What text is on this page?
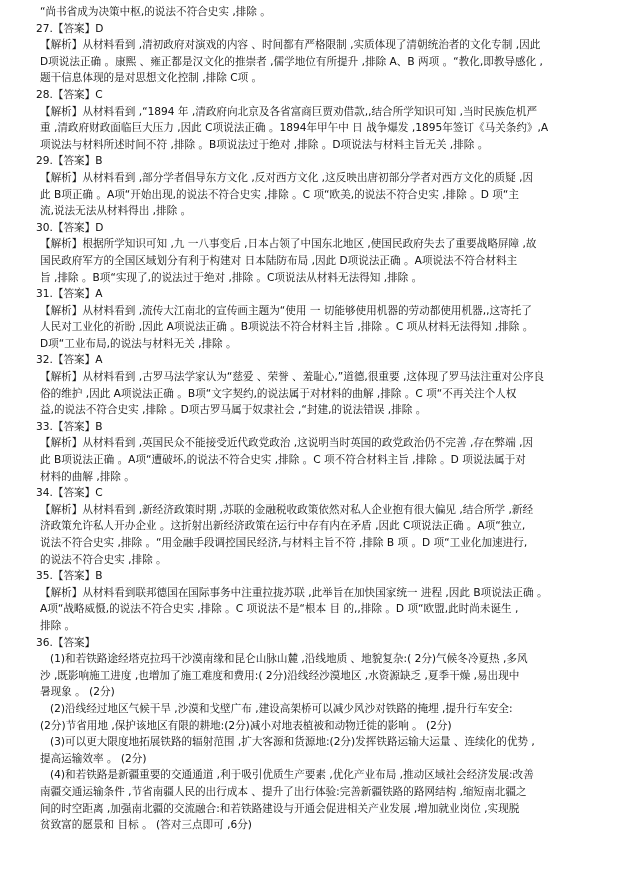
“尚书省成为决策中枢,的说法不符合史实 ,排除 。
27.【答案】D
【解析】从材料看到 ,清初政府对演戏的内容 、时间都有严格限制 ,实质体现了清朝统治者的文化专制 ,因此
D项说法正确 。康熙 、雍正都是汉文化的推崇者 ,儒学地位有所提升 ,排除 A、B 两项 。“教化,即教导感化 ,
题干信息体现的是对思想文化控制 ,排除 C项 。
28.【答案】C
【解析】从材料看到 ,“1894 年 ,清政府向北京及各省富商巨贾劝借款,,结合所学知识可知 ,当时民族危机严
重 ,清政府财政面临巨大压力 ,因此 C项说法正确 。1894年甲午中 日 战争爆发 ,1895年签订《马关条约》,A
项说法与材料所述时间不符 ,排除 。B项说法过于绝对 ,排除 。D项说法与材料主旨无关 ,排除 。
29.【答案】B
【解析】从材料看到 ,部分学者倡导东方文化 ,反对西方文化 ,这反映出唐初部分学者对西方文化的质疑 ,因
此 B项正确 。A项“开始出现,的说法不符合史实 ,排除 。C 项“欧美,的说法不符合史实 ,排除 。D 项“主
流,说法无法从材料得出 ,排除 。
30.【答案】D
【解析】根据所学知识可知 ,九 一八事变后 ,日本占领了中国东北地区 ,使国民政府失去了重要战略屏障 ,故
国民政府军方的全国区域划分有利于构建对 日本陆防布局 ,因此 D项说法正确 。A项说法不符合材料主
旨 ,排除 。B项“实现了,的说法过于绝对 ,排除 。C项说法从材料无法得知 ,排除 。
31.【答案】A
【解析】从材料看到 ,流传大江南北的宣传画主题为“使用 一 切能够使用机器的劳动都使用机器,,这寄托了
人民对工业化的祈盼 ,因此 A项说法正确 。B项说法不符合材料主旨 ,排除 。C 项从材料无法得知 ,排除 。
D项“工业布局,的说法与材料无关 ,排除 。
32.【答案】A
【解析】从材料看到 ,古罗马法学家认为“慈爱 、荣誉 、羞耻心,”道德,很重要 ,这体现了罗马法注重对公序良
俗的维护 ,因此 A项说法正确 。B项“文字契约,的说法属于对材料的曲解 ,排除 。C 项“不再关注个人权
益,的说法不符合史实 ,排除 。D项古罗马属于奴隶社会 ,“封建,的说法错误 ,排除 。
33.【答案】B
【解析】从材料看到 ,英国民众不能接受近代政党政治 ,这说明当时英国的政党政治仍不完善 ,存在弊端 ,因
此 B项说法正确 。A项“遭破坏,的说法不符合史实 ,排除 。C 项不符合材料主旨 ,排除 。D 项说法属于对
材料的曲解 ,排除 。
34.【答案】C
【解析】从材料看到 ,新经济政策时期 ,苏联的金融税收政策依然对私人企业抱有很大偏见 ,结合所学 ,新经
济政策允许私人开办企业 。这折射出新经济政策在运行中存有内在矛盾 ,因此 C项说法正确 。A项“独立,
说法不符合史实 ,排除 。“用金融手段调控国民经济,与材料主旨不符 ,排除 B 项 。D 项“工业化加速进行,
的说法不符合史实 ,排除 。
35.【答案】B
【解析】从材料看到联邦德国在国际事务中注重拉拢苏联 ,此举旨在加快国家统一 进程 ,因此 B项说法正确 。
A项“战略威慑,的说法不符合史实 ,排除 。C 项说法不是“根本 目 的,,排除 。D 项“欧盟,此时尚未诞生 ,
排除 。
36.【答案】
(1)和若铁路途经塔克拉玛干沙漠南缘和昆仑山脉山麓 ,沿线地质 、地貌复杂:( 2分)气候冬冷夏热 ,多风
沙 ,既影响施工进度 ,也增加了施工难度和费用:( 2分)沿线经沙漠地区 ,水资源缺乏 ,夏季干燥 ,易出现中
暑现象 。 (2分)
(2)沿线经过地区气候干旱 ,沙漠和戈壁广布 ,建设高架桥可以减少风沙对铁路的掩埋 ,提升行车安全:
(2分)节省用地 ,保护该地区有限的耕地:(2分)减小对地表植被和动物迁徙的影响 。 (2分)
(3)可以更大限度地拓展铁路的辐射范围 ,扩大客源和货源地:(2分)发挥铁路运输大运量 、连续化的优势 ,
提高运输效率 。 (2分)
(4)和若铁路是新疆重要的交通通道 ,利于吸引优质生产要素 ,优化产业布局 ,推动区域社会经济发展:改善
南疆交通运输条件 ,节省南疆人民的出行成本 、提升了出行体验:完善新疆铁路的路网结构 ,缩短南北疆之
间的时空距离 ,加强南北疆的交流融合:和若铁路建设与开通会促进相关产业发展 ,增加就业岗位 ,实现脱
贫致富的愿景和 目标 。 (答对三点即可 ,6分)
